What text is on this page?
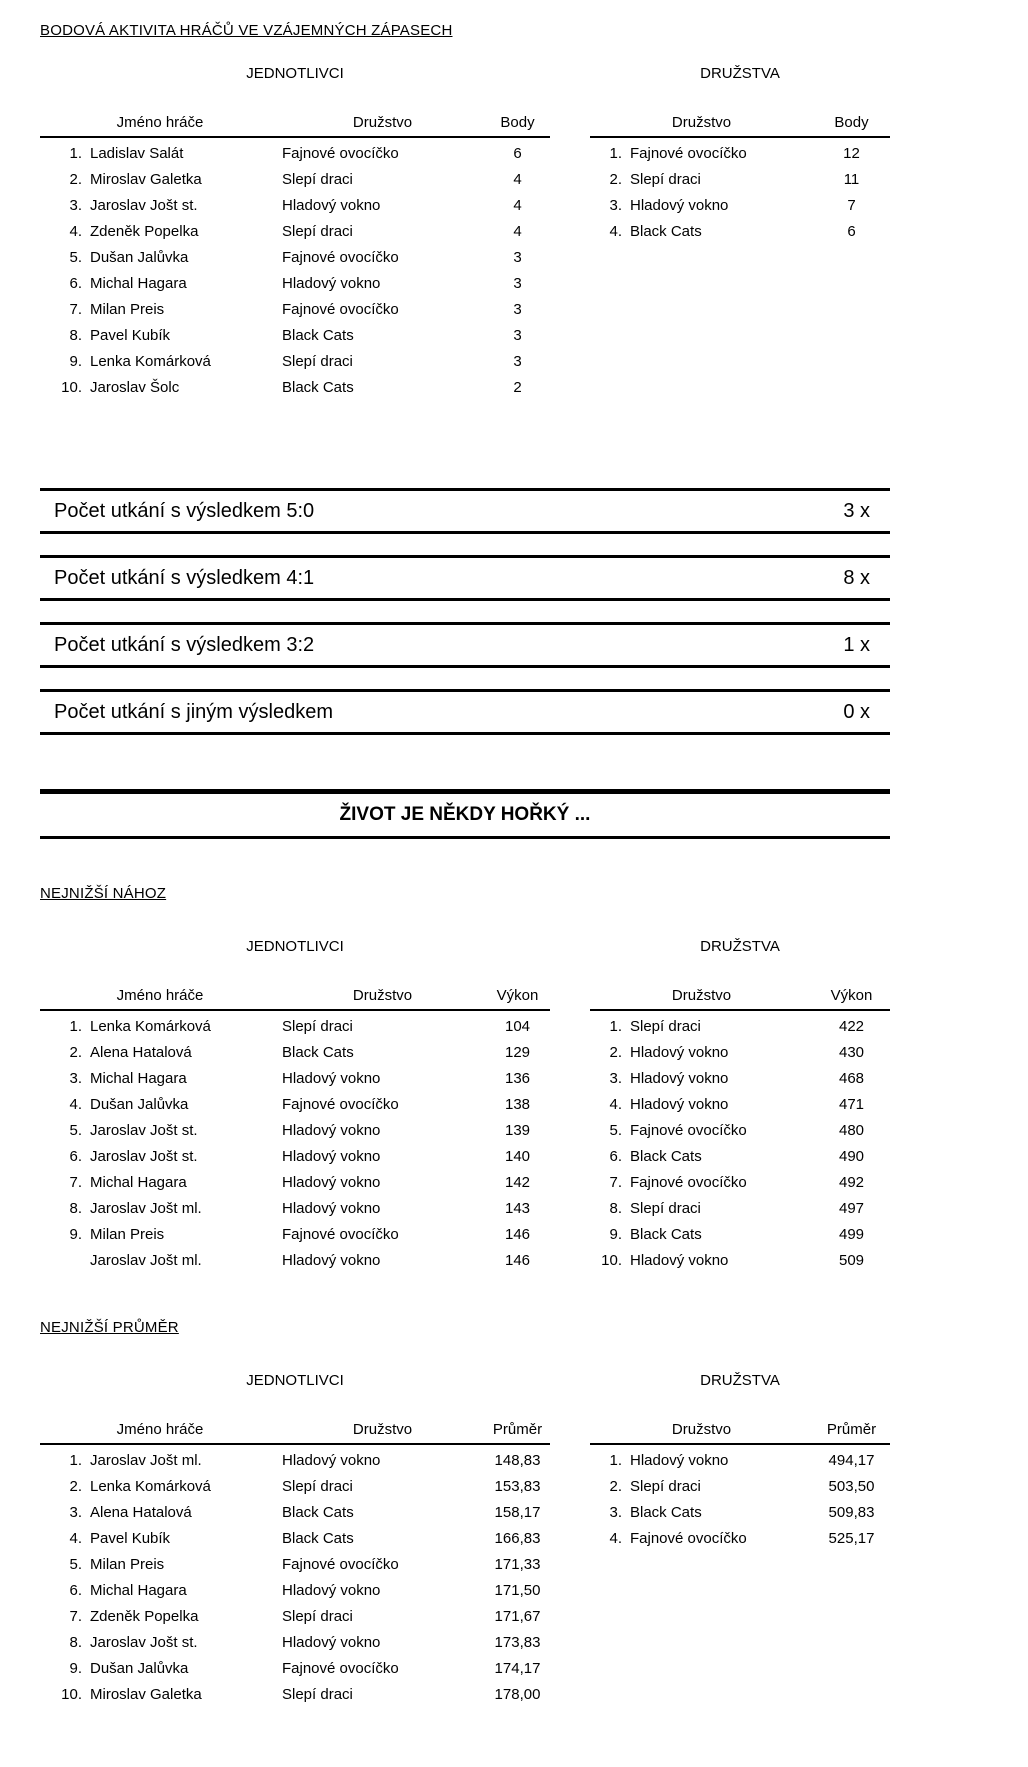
BODOVÁ AKTIVITA HRÁČŮ VE VZÁJEMNÝCH ZÁPASECH
JEDNOTLIVCI
Jméno hráče	Družstvo	Body
1. Ladislav Salát	Fajnové ovocíčko	6
2. Miroslav Galetka	Slepí draci	4
3. Jaroslav Jošt st.	Hladový vokno	4
4. Zdeněk Popelka	Slepí draci	4
5. Dušan Jalůvka	Fajnové ovocíčko	3
6. Michal Hagara	Hladový vokno	3
7. Milan Preis	Fajnové ovocíčko	3
8. Pavel Kubík	Black Cats	3
9. Lenka Komárková	Slepí draci	3
10. Jaroslav Šolc	Black Cats	2
DRUŽSTVA
Družstvo	Body
1. Fajnové ovocíčko	12
2. Slepí draci	11
3. Hladový vokno	7
4. Black Cats	6
Počet utkání s výsledkem 5:0	3 x
Počet utkání s výsledkem 4:1	8 x
Počet utkání s výsledkem 3:2	1 x
Počet utkání s jiným výsledkem	0 x
ŽIVOT JE NĚKDY HOŘKÝ ...
NEJNIŽŠÍ NÁHOZ
JEDNOTLIVCI
Jméno hráče	Družstvo	Výkon
1. Lenka Komárková	Slepí draci	104
2. Alena Hatalová	Black Cats	129
3. Michal Hagara	Hladový vokno	136
4. Dušan Jalůvka	Fajnové ovocíčko	138
5. Jaroslav Jošt st.	Hladový vokno	139
6. Jaroslav Jošt st.	Hladový vokno	140
7. Michal Hagara	Hladový vokno	142
8. Jaroslav Jošt ml.	Hladový vokno	143
9. Milan Preis	Fajnové ovocíčko	146
Jaroslav Jošt ml.	Hladový vokno	146
DRUŽSTVA
Družstvo	Výkon
1. Slepí draci	422
2. Hladový vokno	430
3. Hladový vokno	468
4. Hladový vokno	471
5. Fajnové ovocíčko	480
6. Black Cats	490
7. Fajnové ovocíčko	492
8. Slepí draci	497
9. Black Cats	499
10. Hladový vokno	509
NEJNIŽŠÍ PRŮMĚR
JEDNOTLIVCI
Jméno hráče	Družstvo	Průměr
1. Jaroslav Jošt ml.	Hladový vokno	148,83
2. Lenka Komárková	Slepí draci	153,83
3. Alena Hatalová	Black Cats	158,17
4. Pavel Kubík	Black Cats	166,83
5. Milan Preis	Fajnové ovocíčko	171,33
6. Michal Hagara	Hladový vokno	171,50
7. Zdeněk Popelka	Slepí draci	171,67
8. Jaroslav Jošt st.	Hladový vokno	173,83
9. Dušan Jalůvka	Fajnové ovocíčko	174,17
10. Miroslav Galetka	Slepí draci	178,00
DRUŽSTVA
Družstvo	Průměr
1. Hladový vokno	494,17
2. Slepí draci	503,50
3. Black Cats	509,83
4. Fajnové ovocíčko	525,17
